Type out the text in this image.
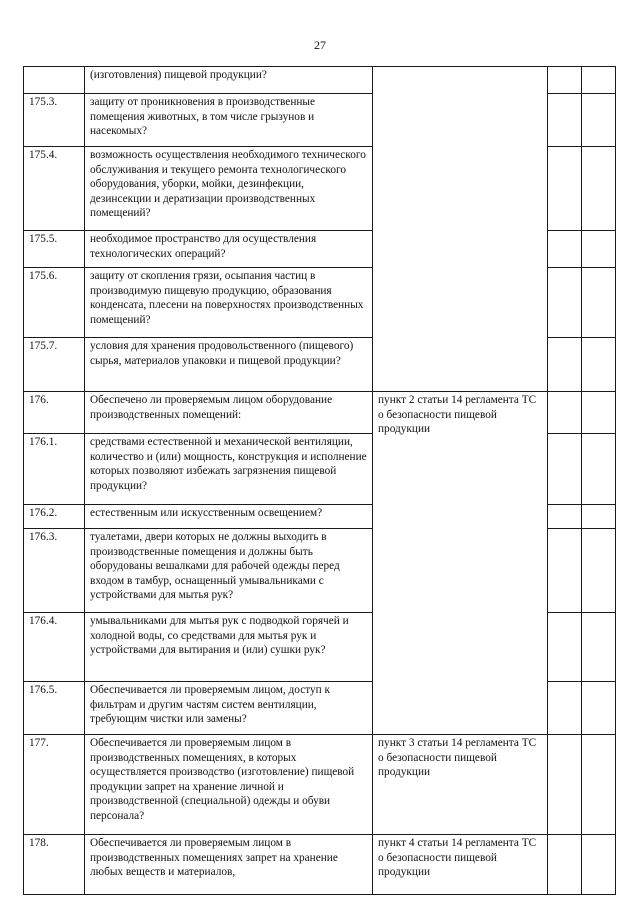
27
	(изготовления) пищевой продукции?			
175.3.	защиту от проникновения в производственные помещения животных, в том числе грызунов и насекомых?			
175.4.	возможность осуществления необходимого технического обслуживания и текущего ремонта технологического оборудования, уборки, мойки, дезинфекции, дезинсекции и дератизации производственных помещений?			
175.5.	необходимое пространство для осуществления технологических операций?			
175.6.	защиту от скопления грязи, осыпания частиц в производимую пищевую продукцию, образования конденсата, плесени на поверхностях производственных помещений?			
175.7.	условия для хранения продовольственного (пищевого) сырья, материалов упаковки и пищевой продукции?			
176.	Обеспечено ли проверяемым лицом оборудование производственных помещений:	пункт 2 статьи 14 регламента ТС о безопасности пищевой продукции		

176.1.	средствами естественной и механической вентиляции, количество и (или) мощность, конструкция и исполнение которых позволяют избежать загрязнения пищевой продукции?			
176.2.	естественным или искусственным освещением?			
176.3.	туалетами, двери которых не должны выходить в производственные помещения и должны быть оборудованы вешалками для рабочей одежды перед входом в тамбур, оснащенный умывальниками с устройствами для мытья рук?			
176.4.	умывальниками для мытья рук с подводкой горячей и холодной воды, со средствами для мытья рук и устройствами для вытирания и (или) сушки рук?			
176.5.	Обеспечивается ли проверяемым лицом, доступ к фильтрам и другим частям систем вентиляции, требующим чистки или замены?			
177.	Обеспечивается ли проверяемым лицом в производственных помещениях, в которых осуществляется производство (изготовление) пищевой продукции запрет на хранение личной и производственной (специальной) одежды и обуви персонала?	пункт 3 статьи 14 регламента ТС о безопасности пищевой продукции		

178.	Обеспечивается ли проверяемым лицом в производственных помещениях запрет на хранение любых веществ и материалов,	пункт 4 статьи 14 регламента ТС о безопасности пищевой продукции		
